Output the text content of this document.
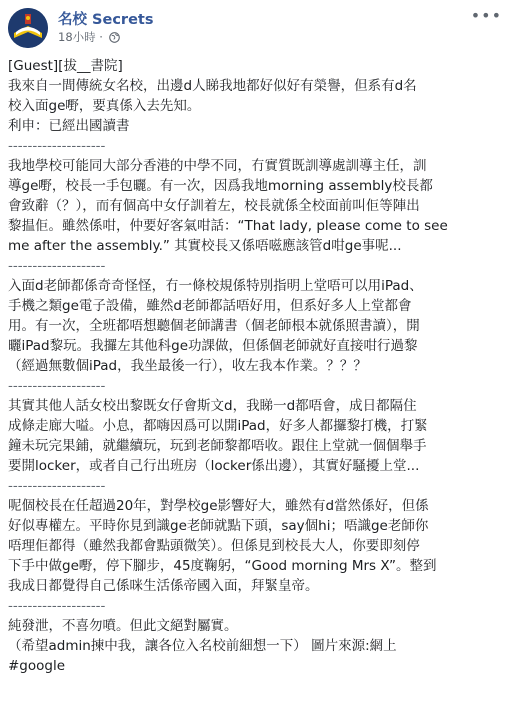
名校 Secrets
18小時 ·
•••
[Guest][拔__書院]
我來自一間傳統女名校，出邊d人睇我地都好似好有榮譽，但系有d名
校入面ge嘢，要真係入去先知。
利申：已經出國讀書
--------------------
我地學校可能同大部分香港的中學不同，冇實質既訓導處訓導主任，訓
導ge嘢，校長一手包曬。有一次，因爲我地morning assembly校長都
會致辭（？），而有個高中女仔訓着左，校長就係全校面前叫佢等陣出
黎揾佢。雖然係咁，仲要好客氣咁話：“That lady, please come to see
me after the assembly.” 其實校長又係唔嗞應該管d咁ge事呢...
--------------------
入面d老師都係奇奇怪怪，冇一條校規係特別指明上堂唔可以用iPad、
手機之類ge電子設備，雖然d老師都話唔好用，但系好多人上堂都會
用。有一次，全班都唔想聽個老師講書（個老師根本就係照書讀），開
曬iPad黎玩。我攞左其他科ge功課做，但係個老師就好直接咁行過黎
（經過無數個iPad，我坐最後一行），收左我本作業。？？？
--------------------
其實其他人話女校出黎既女仔會斯文d，我睇一d都唔會，成日都隔住
成條走廊大嗌。小息，都嗨因爲可以開iPad，好多人都攞黎打機，打緊
鐘未玩完果鋪，就繼續玩，玩到老師黎都唔收。跟住上堂就一個個舉手
要開locker，或者自己行出班房（locker係出邊），其實好騷擾上堂...
--------------------
呢個校長在任超過20年，對學校ge影響好大，雖然有d當然係好，但係
好似專權左。平時你見到識ge老師就點下頭，say個hi；唔識ge老師你
唔理佢都得（雖然我都會點頭微笑）。但係見到校長大人，你要即刻停
下手中做ge嘢，停下腳步，45度鞠躬，“Good morning Mrs X”。整到
我成日都覺得自己係咪生活係帝國入面，拜緊皇帝。
--------------------
純發泄，不喜勿噴。但此文絕對屬實。
（希望admin揀中我，讓各位入名校前細想一下） 圖片來源:網上
#google
